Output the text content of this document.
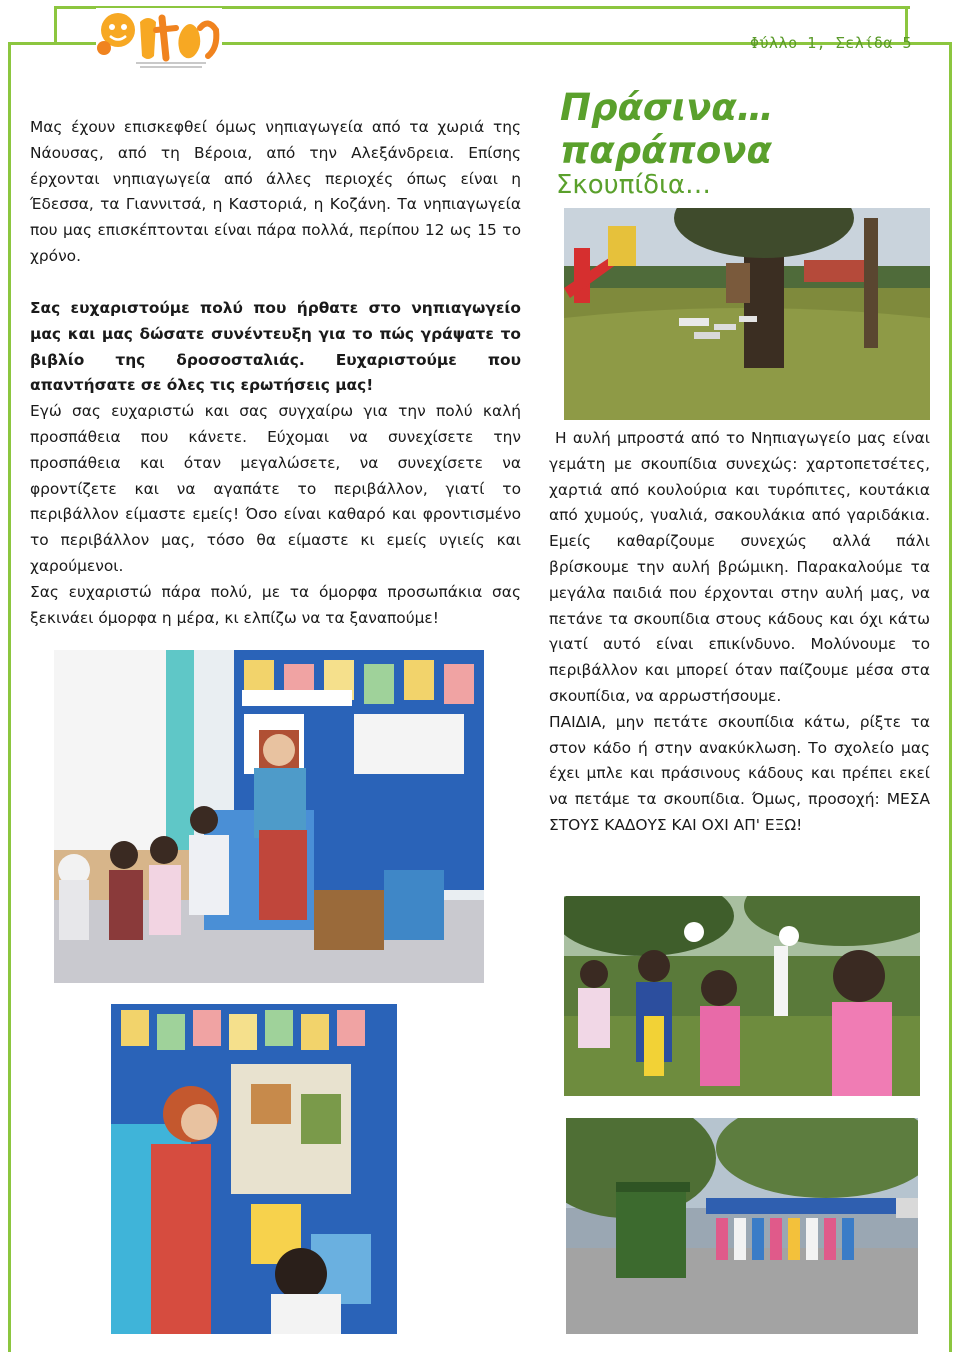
Φύλλο 1, Σελίδα 5

Μας έχουν επισκεφθεί όμως νηπιαγωγεία από τα χωριά της Νάουσας, από τη Βέροια, από την Αλεξάνδρεια. Επίσης έρχονται νηπιαγωγεία από άλλες περιοχές όπως είναι η Έδεσσα, τα Γιαννιτσά, η Καστοριά, η Κοζάνη. Τα νηπιαγωγεία που μας επισκέπτονται είναι πάρα πολλά, περίπου 12 ως 15 το χρόνο.

Πράσινα… παράπονα
Σκουπίδια…

Η αυλή μπροστά από το Νηπιαγωγείο μας είναι γεμάτη με σκουπίδια συνεχώς: χαρτοπετσέτες, χαρτιά από κουλούρια και τυρόπιτες, κουτάκια από χυμούς, γυαλιά, σακουλάκια από γαριδάκια. Εμείς καθαρίζουμε συνεχώς αλλά πάλι βρίσκουμε την αυλή βρώμικη. Παρακαλούμε τα μεγάλα παιδιά που έρχονται στην αυλή μας, να πετάνε τα σκουπίδια στους κάδους και όχι κάτω γιατί αυτό είναι επικίνδυνο. Μολύνουμε το περιβάλλον και μπορεί όταν παίζουμε μέσα στα σκουπίδια, να αρρωστήσουμε.

ΠΑΙΔΙΑ, μην πετάτε σκουπίδια κάτω, ρίξτε τα στον κάδο ή στην ανακύκλωση. Το σχολείο μας έχει μπλε και πράσινους κάδους και πρέπει εκεί να πετάμε τα σκουπίδια. Όμως, προσοχή: ΜΕΣΑ ΣΤΟΥΣ ΚΑΔΟΥΣ ΚΑΙ ΟΧΙ ΑΠ' ΕΞΩ!

Σας ευχαριστούμε πολύ που ήρθατε στο νηπιαγωγείο μας και μας δώσατε συνέντευξη για το πώς γράψατε το βιβλίο της δροσοσταλιάς. Ευχαριστούμε που απαντήσατε σε όλες τις ερωτήσεις μας!

Εγώ σας ευχαριστώ και σας συγχαίρω για την πολύ καλή προσπάθεια που κάνετε. Εύχομαι να συνεχίσετε την προσπάθεια και όταν μεγαλώσετε, να συνεχίσετε να φροντίζετε και να αγαπάτε το περιβάλλον, γιατί το περιβάλλον είμαστε εμείς! Όσο είναι καθαρό και φροντισμένο το περιβάλλον μας, τόσο θα είμαστε κι εμείς υγιείς και χαρούμενοι.

Σας ευχαριστώ πάρα πολύ, με τα όμορφα προσωπάκια σας ξεκινάει όμορφα η μέρα, κι ελπίζω να τα ξαναπούμε!
